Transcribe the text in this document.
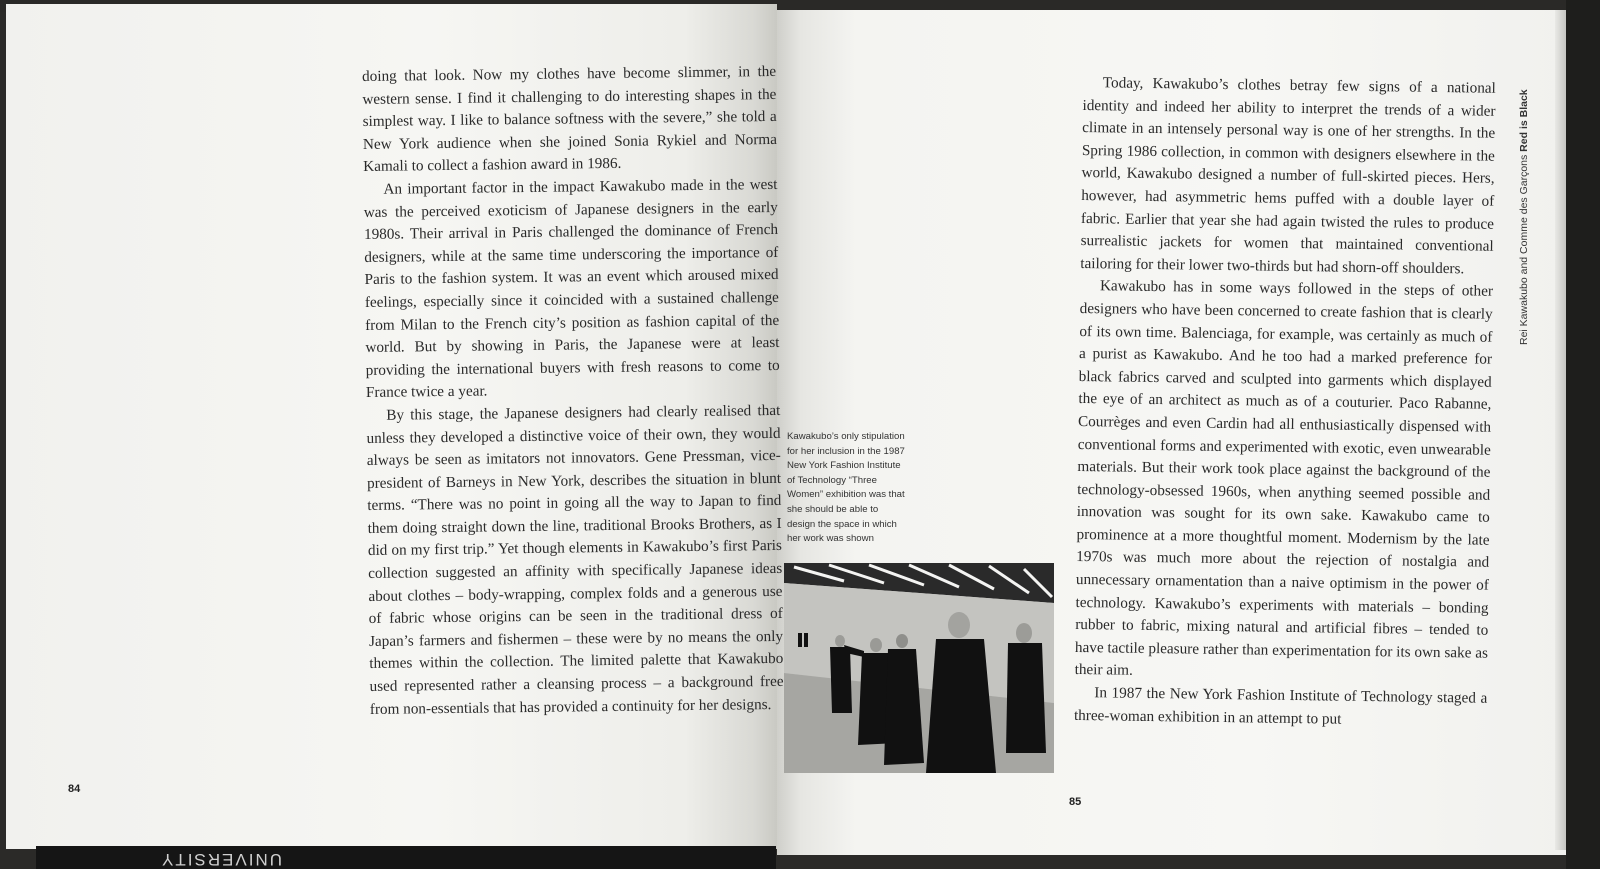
UNIVERSITY

doing that look. Now my clothes have become slimmer, in the western sense. I find it challenging to do interesting shapes in the simplest way. I like to balance softness with the severe,” she told a New York audience when she joined Sonia Rykiel and Norma Kamali to collect a fashion award in 1986.

An important factor in the impact Kawakubo made in the west was the perceived exoticism of Japanese designers in the early 1980s. Their arrival in Paris challenged the dominance of French designers, while at the same time underscoring the importance of Paris to the fashion system. It was an event which aroused mixed feelings, especially since it coincided with a sustained challenge from Milan to the French city’s position as fashion capital of the world. But by showing in Paris, the Japanese were at least providing the international buyers with fresh reasons to come to France twice a year.

By this stage, the Japanese designers had clearly realised that unless they developed a distinctive voice of their own, they would always be seen as imitators not innovators. Gene Pressman, vice-president of Barneys in New York, describes the situation in blunt terms. “There was no point in going all the way to Japan to find them doing straight down the line, traditional Brooks Brothers, as I did on my first trip.” Yet though elements in Kawakubo’s first Paris collection suggested an affinity with specifically Japanese ideas about clothes – body-wrapping, complex folds and a generous use of fabric whose origins can be seen in the traditional dress of Japan’s farmers and fishermen – these were by no means the only themes within the collection. The limited palette that Kawakubo used represented rather a cleansing process – a background free from non-essentials that has provided a continuity for her designs.

84

Kawakubo’s only stipulation

for her inclusion in the 1987

New York Fashion Institute

of Technology “Three

Women” exhibition was that

she should be able to

design the space in which

her work was shown

Today, Kawakubo’s clothes betray few signs of a national identity and indeed her ability to interpret the trends of a wider climate in an intensely personal way is one of her strengths. In the Spring 1986 collection, in common with designers elsewhere in the world, Kawakubo designed a number of full-skirted pieces. Hers, however, had asymmetric hems puffed with a double layer of fabric. Earlier that year she had again twisted the rules to produce surrealistic jackets for women that maintained conventional tailoring for their lower two-thirds but had shorn-off shoulders.

Kawakubo has in some ways followed in the steps of other designers who have been concerned to create fashion that is clearly of its own time. Balenciaga, for example, was certainly as much of a purist as Kawakubo. And he too had a marked preference for black fabrics carved and sculpted into garments which displayed the eye of an architect as much as of a couturier. Paco Rabanne, Courrèges and even Cardin had all enthusiastically dispensed with conventional forms and experimented with exotic, even unwearable materials. But their work took place against the background of the technology-obsessed 1960s, when anything seemed possible and innovation was sought for its own sake. Kawakubo came to prominence at a more thoughtful moment. Modernism by the late 1970s was much more about the rejection of nostalgia and unnecessary ornamentation than a naive optimism in the power of technology. Kawakubo’s experiments with materials – bonding rubber to fabric, mixing natural and artificial fibres – tended to have tactile pleasure rather than experimentation for its own sake as their aim.

In 1987 the New York Fashion Institute of Technology staged a three-woman exhibition in an attempt to put

85
Rei Kawakubo and Comme des Garçons Red is Black
